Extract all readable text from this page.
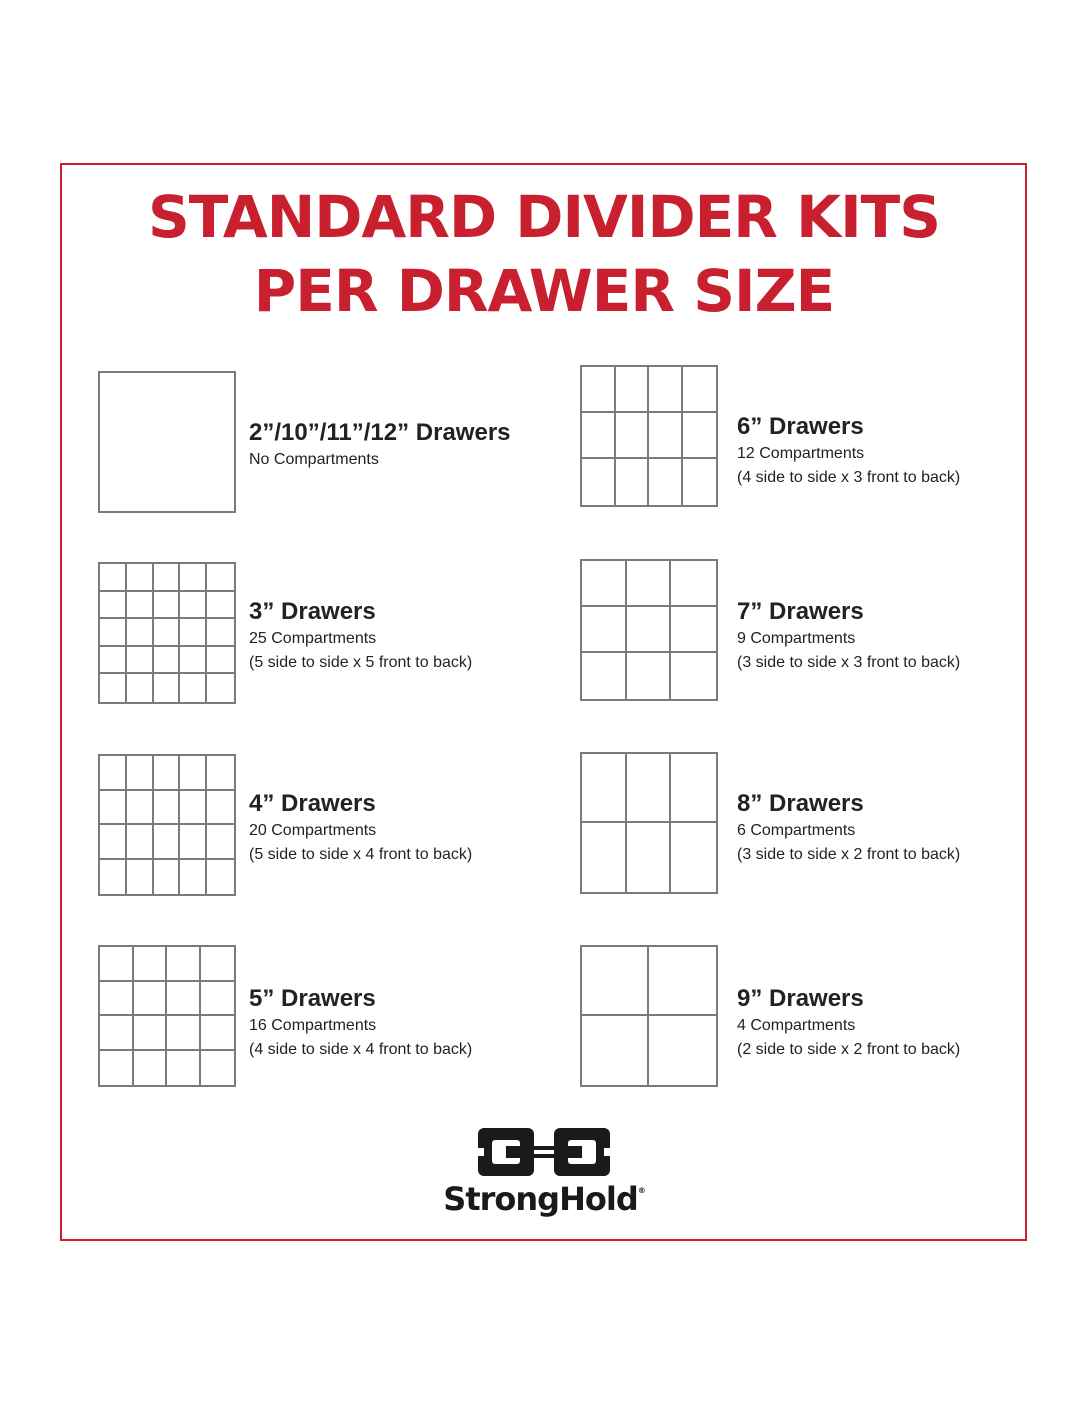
STANDARD DIVIDER KITS
PER DRAWER SIZE
2”/10”/11”/12” Drawers
No Compartments
3” Drawers
25 Compartments
(5 side to side x 5 front to back)
4” Drawers
20 Compartments
(5 side to side x 4 front to back)
5” Drawers
16 Compartments
(4 side to side x 4 front to back)
6” Drawers
12 Compartments
(4 side to side x 3 front to back)
7” Drawers
9 Compartments
(3 side to side x 3 front to back)
8” Drawers
6 Compartments
(3 side to side x 2 front to back)
9” Drawers
4 Compartments
(2 side to side x 2 front to back)
StrongHold®
